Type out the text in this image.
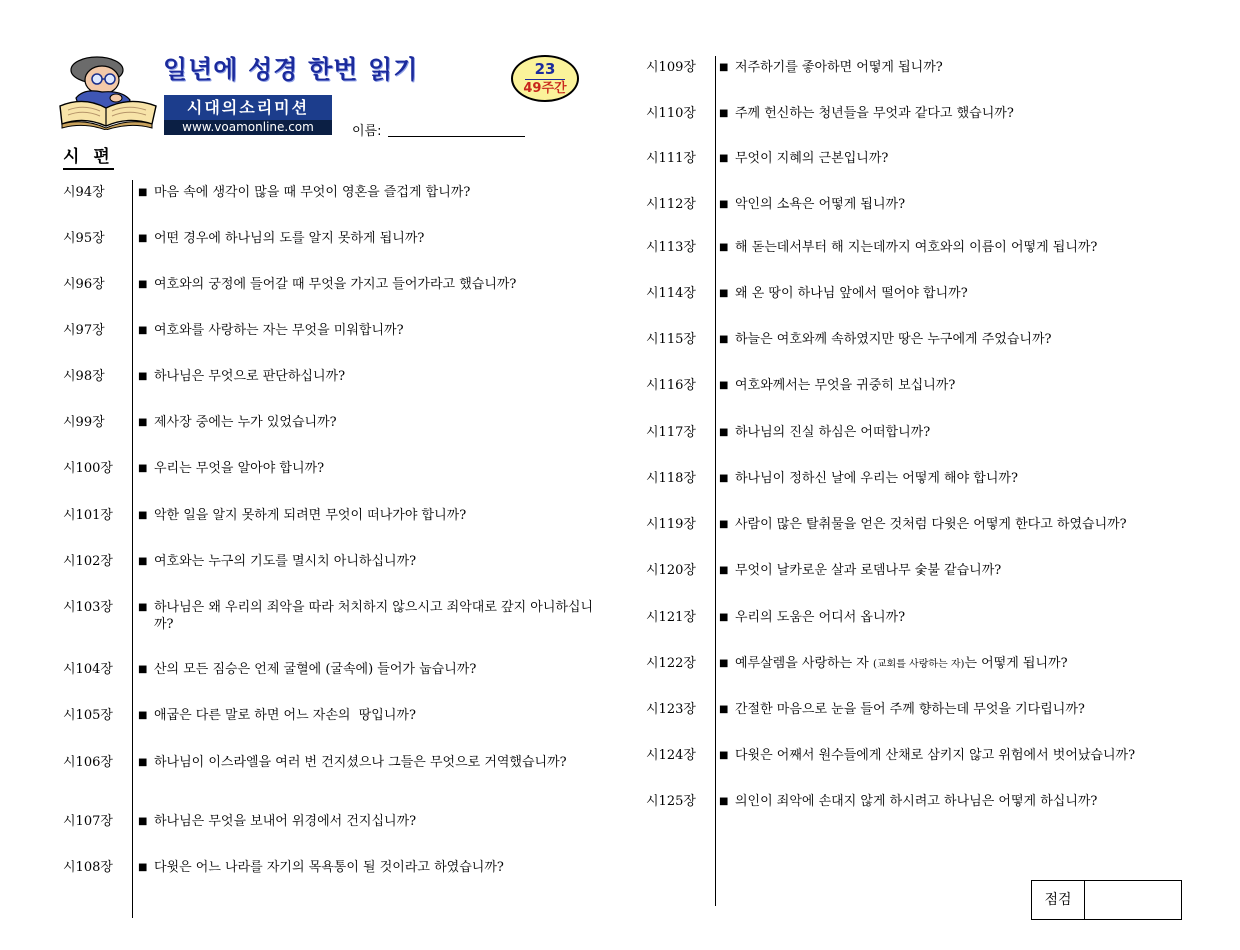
일년에 성경 한번 읽기	23
49주간
시대의소리미션
www.voamonline.com	이름:
시 편
시94장	■ 마음 속에 생각이 많을 때 무엇이 영혼을 즐겁게 합니까?
시95장	■ 어떤 경우에 하나님의 도를 알지 못하게 됩니까?
시96장	■ 여호와의 궁정에 들어갈 때 무엇을 가지고 들어가라고 했습니까?
시97장	■ 여호와를 사랑하는 자는 무엇을 미워합니까?
시98장	■ 하나님은 무엇으로 판단하십니까?
시99장	■ 제사장 중에는 누가 있었습니까?
시100장	■ 우리는 무엇을 알아야 합니까?
시101장	■ 악한 일을 알지 못하게 되려면 무엇이 떠나가야 합니까?
시102장	■ 여호와는 누구의 기도를 멸시치 아니하십니까?
시103장	■ 하나님은 왜 우리의 죄악을 따라 처치하지 않으시고 죄악대로 갚지 아니하십니까?
시104장	■ 산의 모든 짐승은 언제 굴혈에 (굴속에) 들어가 눕습니까?
시105장	■ 애굽은 다른 말로 하면 어느 자손의  땅입니까?
시106장	■ 하나님이 이스라엘을 여러 번 건지셨으나 그들은 무엇으로 거역했습니까?
시107장	■ 하나님은 무엇을 보내어 위경에서 건지십니까?
시108장	■ 다윗은 어느 나라를 자기의 목욕통이 될 것이라고 하였습니까?
시109장 ■ 저주하기를 좋아하면 어떻게 됩니까?
시110장 ■ 주께 헌신하는 청년들을 무엇과 같다고 했습니까?
시111장 ■ 무엇이 지혜의 근본입니까?
시112장 ■ 악인의 소욕은 어떻게 됩니까?
시113장 ■ 해 돋는데서부터 해 지는데까지 여호와의 이름이 어떻게 됩니까?
시114장 ■ 왜 온 땅이 하나님 앞에서 떨어야 합니까?
시115장 ■ 하늘은 여호와께 속하였지만 땅은 누구에게 주었습니까?
시116장 ■ 여호와께서는 무엇을 귀중히 보십니까?
시117장 ■ 하나님의 진실 하심은 어떠합니까?
시118장 ■ 하나님이 정하신 날에 우리는 어떻게 해야 합니까?
시119장 ■ 사람이 많은 탈취물을 얻은 것처럼 다윗은 어떻게 한다고 하였습니까?
시120장 ■ 무엇이 날카로운 살과 로뎀나무 숯불 같습니까?
시121장 ■ 우리의 도움은 어디서 옵니까?
시122장 ■ 예루살렘을 사랑하는 자 (교회를 사랑하는 자)는 어떻게 됩니까?
시123장 ■ 간절한 마음으로 눈을 들어 주께 향하는데 무엇을 기다립니까?
시124장 ■ 다윗은 어째서 원수들에게 산채로 삼키지 않고 위험에서 벗어났습니까?
시125장 ■ 의인이 죄악에 손대지 않게 하시려고 하나님은 어떻게 하십니까?
점검
